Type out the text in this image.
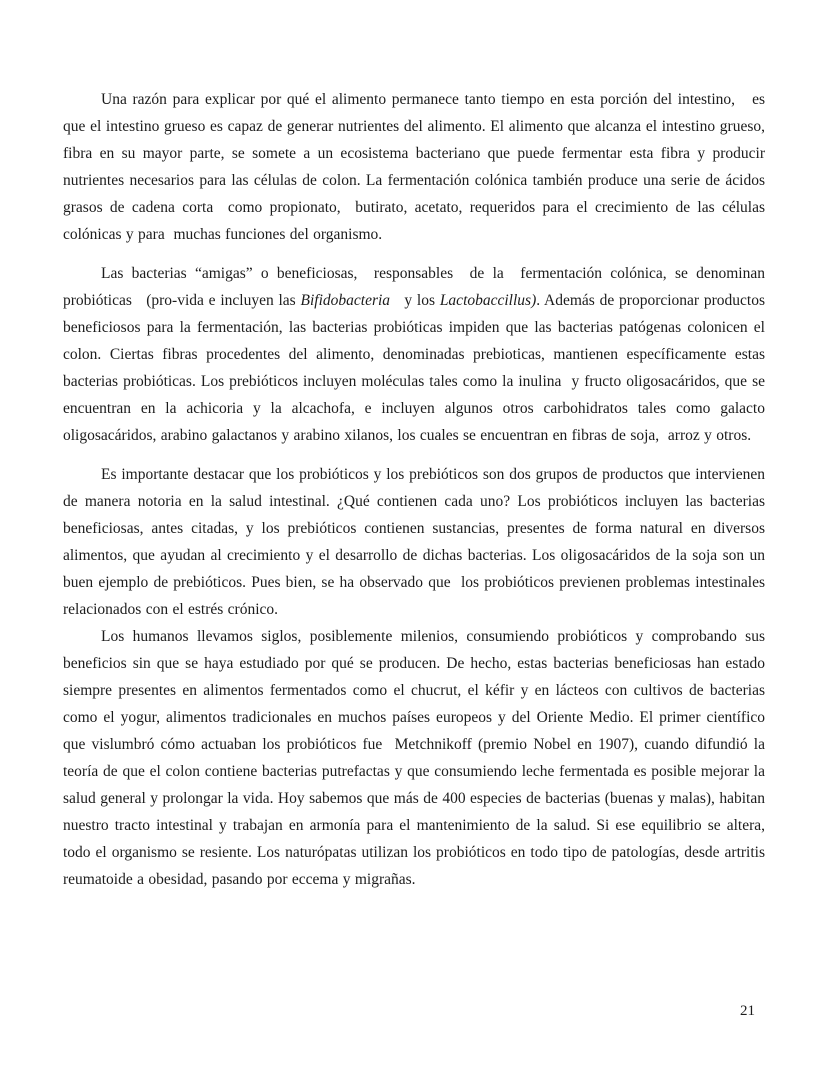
Una razón para explicar por qué el alimento permanece tanto tiempo en esta porción del intestino,   es que el intestino grueso es capaz de generar nutrientes del alimento. El alimento que alcanza el intestino grueso, fibra en su mayor parte, se somete a un ecosistema bacteriano que puede fermentar esta fibra y producir nutrientes necesarios para las células de colon. La fermentación colónica también produce una serie de ácidos grasos de cadena corta  como propionato,  butirato, acetato, requeridos para el crecimiento de las células colónicas y para  muchas funciones del organismo.

Las bacterias “amigas” o beneficiosas,  responsables  de la  fermentación colónica, se denominan probióticas   (pro-vida e incluyen las Bifidobacteria   y los Lactobaccillus). Además de proporcionar productos beneficiosos para la fermentación, las bacterias probióticas impiden que las bacterias patógenas colonicen el colon. Ciertas fibras procedentes del alimento, denominadas prebioticas, mantienen específicamente estas bacterias probióticas. Los prebióticos incluyen moléculas tales como la inulina  y fructo oligosacáridos, que se encuentran en la achicoria y la alcachofa, e incluyen algunos otros carbohidratos tales como galacto oligosacáridos, arabino galactanos y arabino xilanos, los cuales se encuentran en fibras de soja,  arroz y otros.

Es importante destacar que los probióticos y los prebióticos son dos grupos de productos que intervienen de manera notoria en la salud intestinal. ¿Qué contienen cada uno? Los probióticos incluyen las bacterias beneficiosas, antes citadas, y los prebióticos contienen sustancias, presentes de forma natural en diversos alimentos, que ayudan al crecimiento y el desarrollo de dichas bacterias. Los oligosacáridos de la soja son un buen ejemplo de prebióticos. Pues bien, se ha observado que  los probióticos previenen problemas intestinales relacionados con el estrés crónico.

Los humanos llevamos siglos, posiblemente milenios, consumiendo probióticos y comprobando sus beneficios sin que se haya estudiado por qué se producen. De hecho, estas bacterias beneficiosas han estado siempre presentes en alimentos fermentados como el chucrut, el kéfir y en lácteos con cultivos de bacterias como el yogur, alimentos tradicionales en muchos países europeos y del Oriente Medio. El primer científico que vislumbró cómo actuaban los probióticos fue  Metchnikoff (premio Nobel en 1907), cuando difundió la teoría de que el colon contiene bacterias putrefactas y que consumiendo leche fermentada es posible mejorar la salud general y prolongar la vida. Hoy sabemos que más de 400 especies de bacterias (buenas y malas), habitan nuestro tracto intestinal y trabajan en armonía para el mantenimiento de la salud. Si ese equilibrio se altera, todo el organismo se resiente. Los naturópatas utilizan los probióticos en todo tipo de patologías, desde artritis reumatoide a obesidad, pasando por eccema y migrañas.

21
